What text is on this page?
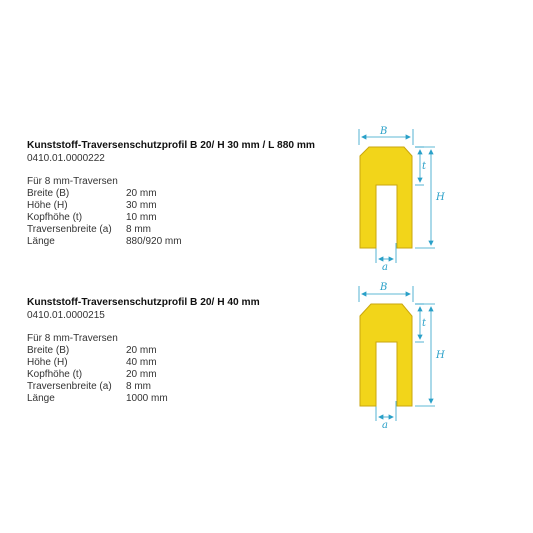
Kunststoff-Traversenschutzprofil B 20/ H 30 mm / L 880 mm
0410.01.0000222
Für 8 mm-Traversen
Breite (B)	20 mm
Höhe (H)	30 mm
Kopfhöhe (t)	10 mm
Traversenbreite (a)	8 mm
Länge	880/920 mm
B
t
H
a
Kunststoff-Traversenschutzprofil B 20/ H 40 mm
0410.01.0000215
Für 8 mm-Traversen
Breite (B)	20 mm
Höhe (H)	40 mm
Kopfhöhe (t)	20 mm
Traversenbreite (a)	8 mm
Länge	1000 mm
B
t
H
a
